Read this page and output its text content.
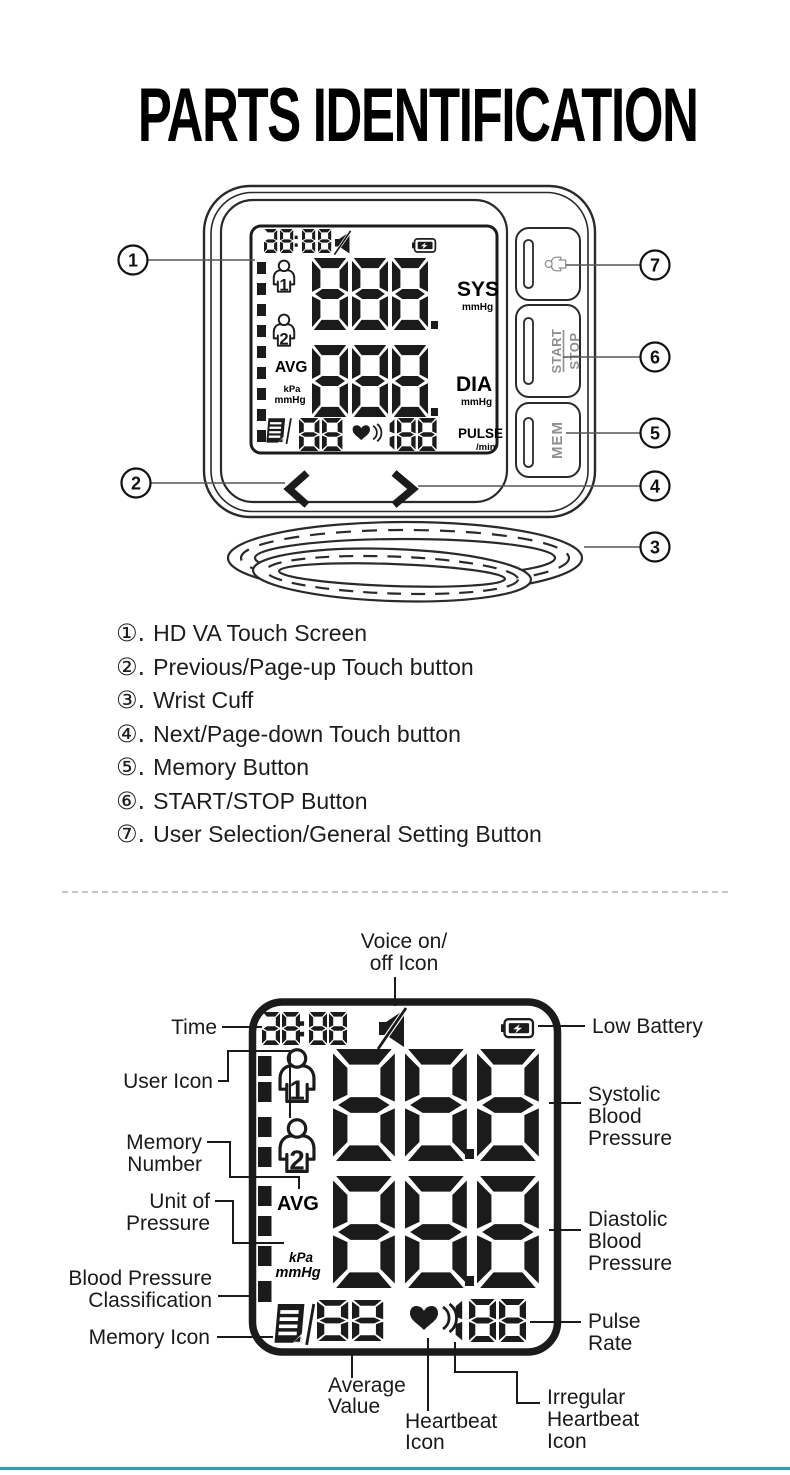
PARTS IDENTIFICATION
START STOP
MEM
1
2
AVG
kPa
mmHg
SYS
mmHg
DIA
mmHg
PULSE
/min
1
2
3
4
5
6
7
①. HD VA Touch Screen
②. Previous/Page-up Touch button
③. Wrist Cuff
④. Next/Page-down Touch button
⑤. Memory Button
⑥. START/STOP Button
⑦. User Selection/General Setting Button
1
2
AVG
kPa
mmHg
Voice on/ off Icon
Time	Low Battery
User Icon
Systolic Blood Pressure
Memory Number
Unit of Pressure	Diastolic Blood Pressure
Blood Pressure Classification
Memory Icon
Pulse Rate
Average Value
Heartbeat Icon
Irregular Heartbeat Icon
